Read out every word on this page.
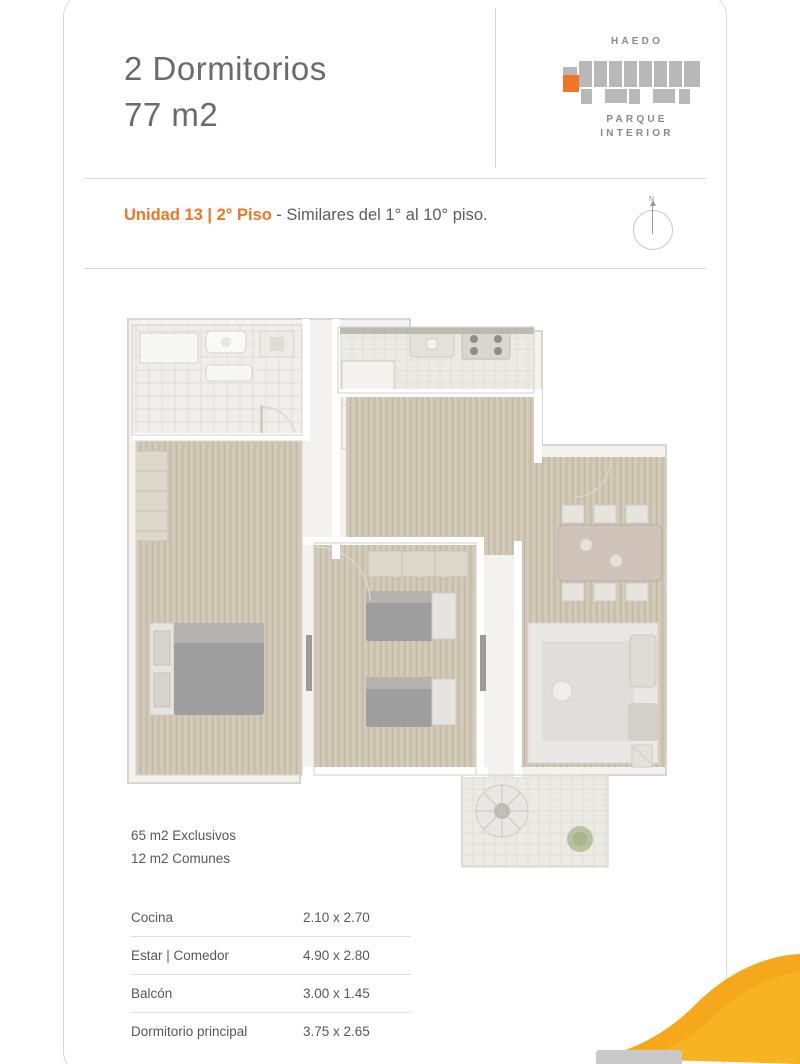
2 Dormitorios
77 m2
HAEDO
PARQUE
INTERIOR
Unidad 13 | 2° Piso - Similares del 1° al 10° piso.
65 m2 Exclusivos
12 m2 Comunes
Cocina	2.10 x 2.70
Estar | Comedor	4.90 x 2.80
Balcón	3.00 x 1.45
Dormitorio principal	3.75 x 2.65
